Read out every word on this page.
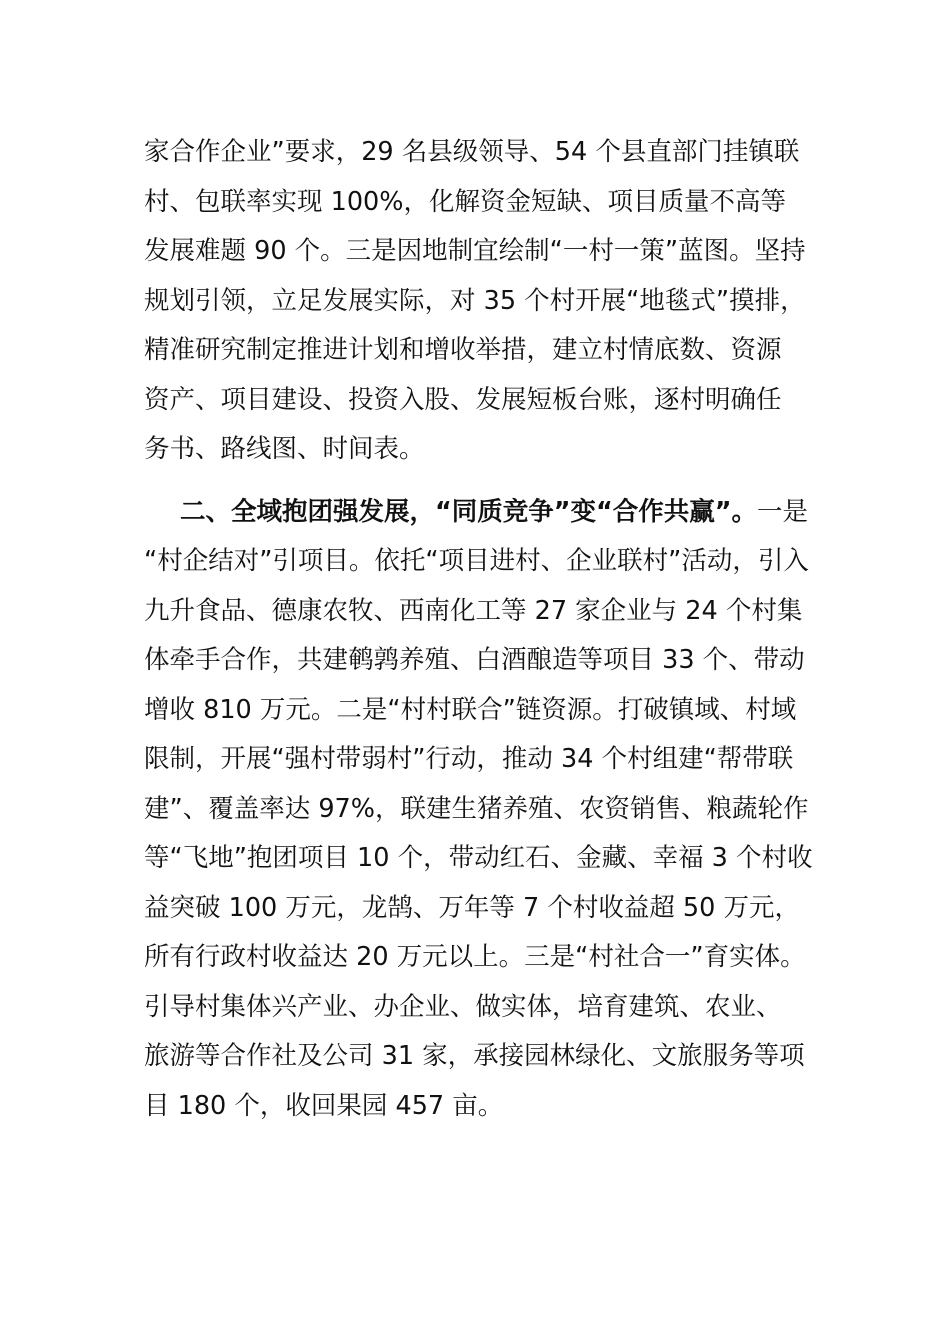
家合作企业”要求，29 名县级领导、54 个县直部门挂镇联
村、包联率实现 100%，化解资金短缺、项目质量不高等
发展难题 90 个。三是因地制宜绘制“一村一策”蓝图。坚持
规划引领，立足发展实际，对 35 个村开展“地毯式”摸排，
精准研究制定推进计划和增收举措，建立村情底数、资源
资产、项目建设、投资入股、发展短板台账，逐村明确任
务书、路线图、时间表。
二、全域抱团强发展，“同质竞争”变“合作共赢”。一是
“村企结对”引项目。依托“项目进村、企业联村”活动，引入
九升食品、德康农牧、西南化工等 27 家企业与 24 个村集
体牵手合作，共建鹌鹑养殖、白酒酿造等项目 33 个、带动
增收 810 万元。二是“村村联合”链资源。打破镇域、村域
限制，开展“强村带弱村”行动，推动 34 个村组建“帮带联
建”、覆盖率达 97%，联建生猪养殖、农资销售、粮蔬轮作
等“飞地”抱团项目 10 个，带动红石、金藏、幸福 3 个村收
益突破 100 万元，龙鹄、万年等 7 个村收益超 50 万元，
所有行政村收益达 20 万元以上。三是“村社合一”育实体。
引导村集体兴产业、办企业、做实体，培育建筑、农业、
旅游等合作社及公司 31 家，承接园林绿化、文旅服务等项
目 180 个，收回果园 457 亩。
